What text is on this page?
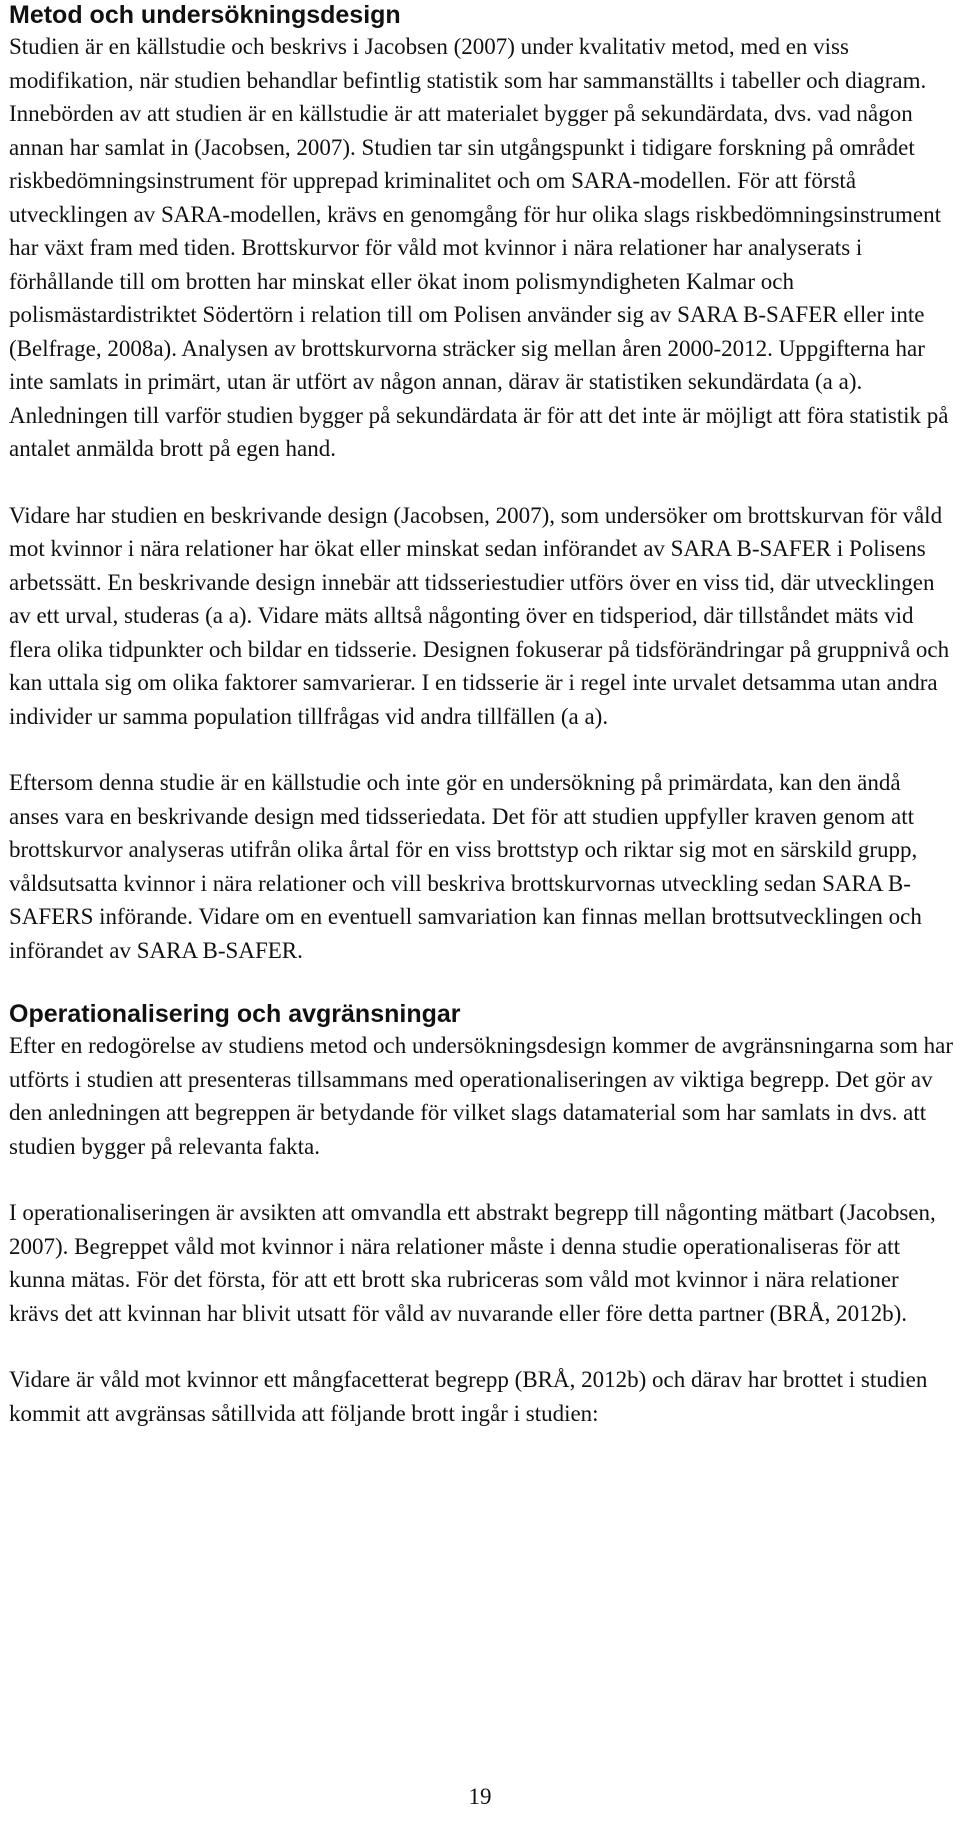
Metod och undersökningsdesign

Studien är en källstudie och beskrivs i Jacobsen (2007) under kvalitativ metod, med en viss modifikation, när studien behandlar befintlig statistik som har sammanställts i tabeller och diagram. Innebörden av att studien är en källstudie är att materialet bygger på sekundärdata, dvs. vad någon annan har samlat in (Jacobsen, 2007). Studien tar sin utgångspunkt i tidigare forskning på området riskbedömningsinstrument för upprepad kriminalitet och om SARA-modellen. För att förstå utvecklingen av SARA-modellen, krävs en genomgång för hur olika slags riskbedömningsinstrument har växt fram med tiden. Brottskurvor för våld mot kvinnor i nära relationer har analyserats i förhållande till om brotten har minskat eller ökat inom polismyndigheten Kalmar och polismästardistriktet Södertörn i relation till om Polisen använder sig av SARA B-SAFER eller inte (Belfrage, 2008a). Analysen av brottskurvorna sträcker sig mellan åren 2000-2012. Uppgifterna har inte samlats in primärt, utan är utfört av någon annan, därav är statistiken sekundärdata (a a). Anledningen till varför studien bygger på sekundärdata är för att det inte är möjligt att föra statistik på antalet anmälda brott på egen hand.

Vidare har studien en beskrivande design (Jacobsen, 2007), som undersöker om brottskurvan för våld mot kvinnor i nära relationer har ökat eller minskat sedan införandet av SARA B-SAFER i Polisens arbetssätt. En beskrivande design innebär att tidsseriestudier utförs över en viss tid, där utvecklingen av ett urval, studeras (a a). Vidare mäts alltså någonting över en tidsperiod, där tillståndet mäts vid flera olika tidpunkter och bildar en tidsserie. Designen fokuserar på tidsförändringar på gruppnivå och kan uttala sig om olika faktorer samvarierar. I en tidsserie är i regel inte urvalet detsamma utan andra individer ur samma population tillfrågas vid andra tillfällen (a a).

Eftersom denna studie är en källstudie och inte gör en undersökning på primärdata, kan den ändå anses vara en beskrivande design med tidsseriedata. Det för att studien uppfyller kraven genom att brottskurvor analyseras utifrån olika årtal för en viss brottstyp och riktar sig mot en särskild grupp, våldsutsatta kvinnor i nära relationer och vill beskriva brottskurvornas utveckling sedan SARA B-SAFERS införande. Vidare om en eventuell samvariation kan finnas mellan brottsutvecklingen och införandet av SARA B-SAFER.

Operationalisering och avgränsningar

Efter en redogörelse av studiens metod och undersökningsdesign kommer de avgränsningarna som har utförts i studien att presenteras tillsammans med operationaliseringen av viktiga begrepp. Det gör av den anledningen att begreppen är betydande för vilket slags datamaterial som har samlats in dvs. att studien bygger på relevanta fakta.

I operationaliseringen är avsikten att omvandla ett abstrakt begrepp till någonting mätbart (Jacobsen, 2007). Begreppet våld mot kvinnor i nära relationer måste i denna studie operationaliseras för att kunna mätas. För det första, för att ett brott ska rubriceras som våld mot kvinnor i nära relationer krävs det att kvinnan har blivit utsatt för våld av nuvarande eller före detta partner (BRÅ, 2012b).

Vidare är våld mot kvinnor ett mångfacetterat begrepp (BRÅ, 2012b) och därav har brottet i studien kommit att avgränsas såtillvida att följande brott ingår i studien:

19
